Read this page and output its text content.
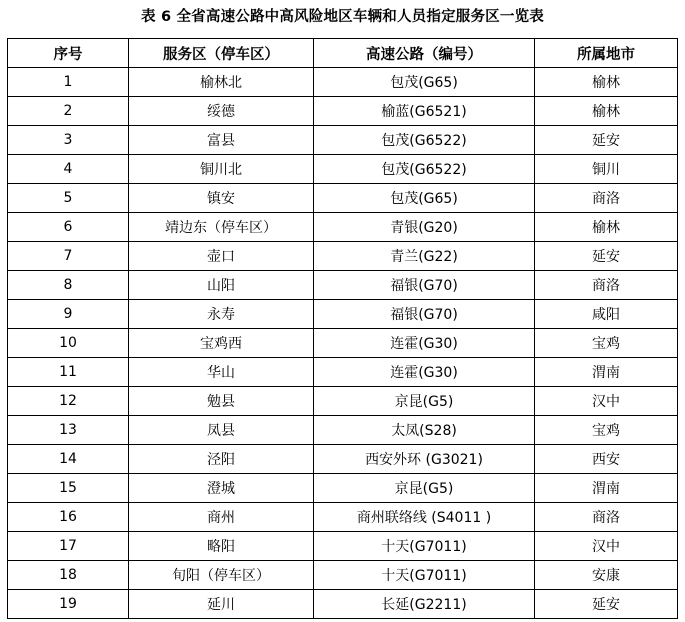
表 6 全省高速公路中高风险地区车辆和人员指定服务区一览表
序号	服务区（停车区）	高速公路（编号）	所属地市
1	榆林北	包茂(G65)	榆林
2	绥德	榆蓝(G6521)	榆林
3	富县	包茂(G6522)	延安
4	铜川北	包茂(G6522)	铜川
5	镇安	包茂(G65)	商洛
6	靖边东（停车区）	青银(G20)	榆林
7	壶口	青兰(G22)	延安
8	山阳	福银(G70)	商洛
9	永寿	福银(G70)	咸阳
10	宝鸡西	连霍(G30)	宝鸡
11	华山	连霍(G30)	渭南
12	勉县	京昆(G5)	汉中
13	凤县	太凤(S28)	宝鸡
14	泾阳	西安外环 (G3021)	西安
15	澄城	京昆(G5)	渭南
16	商州	商州联络线 (S4011 )	商洛
17	略阳	十天(G7011)	汉中
18	旬阳（停车区）	十天(G7011)	安康
19	延川	长延(G2211)	延安
